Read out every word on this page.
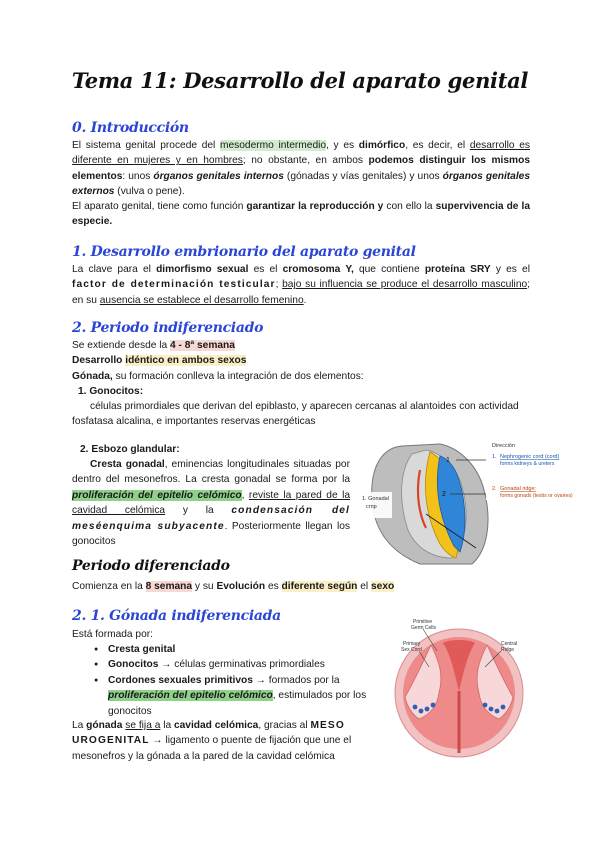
Tema 11: Desarrollo del aparato genital
0. Introducción
El sistema genital procede del mesodermo intermedio, y es dimórfico, es decir, el desarrollo es diferente en mujeres y en hombres; no obstante, en ambos podemos distinguir los mismos elementos: unos órganos genitales internos (gónadas y vías genitales) y unos órganos genitales externos (vulva o pene).
El aparato genital, tiene como función garantizar la reproducción y con ello la supervivencia de la especie.
1. Desarrollo embrionario del aparato genital
La clave para el dimorfismo sexual es el cromosoma Y, que contiene proteína SRY y es el factor de determinación testicular; bajo su influencia se produce el desarrollo masculino; en su ausencia se establece el desarrollo femenino.
2. Periodo indiferenciado
Se extiende desde la 4 - 8ª semana
Desarrollo idéntico en ambos sexos
Gónada, su formación conlleva la integración de dos elementos:
1. Gonocitos:
células primordiales que derivan del epiblasto, y aparecen cercanas al alantoides con actividad fosfatasa alcalina, e importantes reservas energéticas
2. Esbozo glandular:
Cresta gonadal, eminencias longitudinales situadas por dentro del mesonefros. La cresta gonadal se forma por la proliferación del epitelio celómico, reviste la pared de la cavidad celómica y la condensación del meséenquima subyacente. Posteriormente llegan los gonocitos
1. Gonadal
crnp
1
2
Dirección
1. Nephrogenic cord (cord)
forms kidneys & ureters
2. Gonadal ridge:
forms gonads (testis or ovaries)
Periodo diferenciado
Comienza en la 8 semana y su Evolución es diferente según el sexo
2. 1. Gónada indiferenciada
Está formada por:
● Cresta genital
● Gonocitos → células germinativas primordiales
● Cordones sexuales primitivos → formados por la proliferación del epitelio celómico, estimulados por los gonocitos
La gónada se fija a la cavidad celómica, gracias al MESO UROGENITAL → ligamento o puente de fijación que une el mesonefros y la gónada a la pared de la cavidad celómica
Primitive
Germ Cells
Primary
Sex Cord
Central
Ridge
